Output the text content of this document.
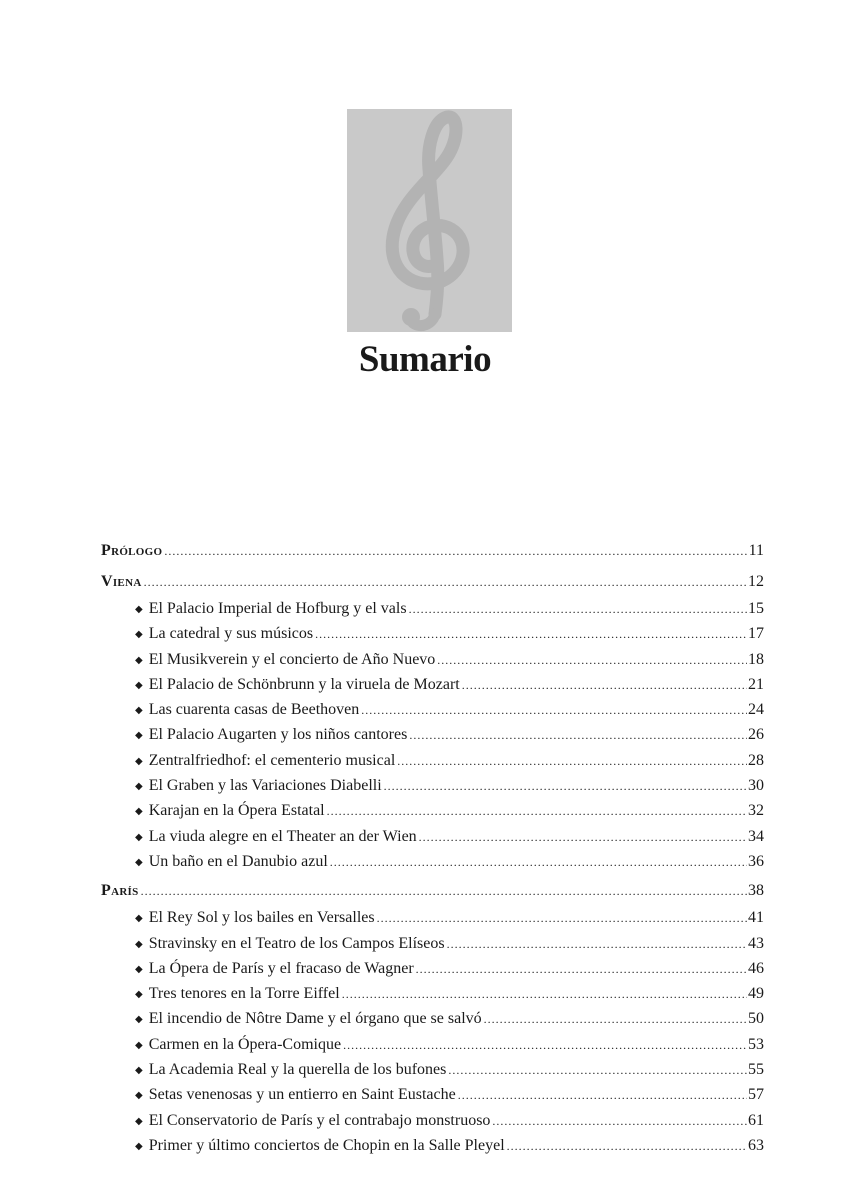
Sumario
Prólogo .....	11
Viena .....	12
◆ El Palacio Imperial de Hofburg y el vals .....	15
◆ La catedral y sus músicos .....	17
◆ El Musikverein y el concierto de Año Nuevo .....	18
◆ El Palacio de Schönbrunn y la viruela de Mozart .....	21
◆ Las cuarenta casas de Beethoven .....	24
◆ El Palacio Augarten y los niños cantores .....	26
◆ Zentralfriedhof: el cementerio musical .....	28
◆ El Graben y las Variaciones Diabelli .....	30
◆ Karajan en la Ópera Estatal .....	32
◆ La viuda alegre en el Theater an der Wien .....	34
◆ Un baño en el Danubio azul .....	36
París .....	38
◆ El Rey Sol y los bailes en Versalles .....	41
◆ Stravinsky en el Teatro de los Campos Elíseos .....	43
◆ La Ópera de París y el fracaso de Wagner .....	46
◆ Tres tenores en la Torre Eiffel .....	49
◆ El incendio de Nôtre Dame y el órgano que se salvó .....	50
◆ Carmen en la Ópera-Comique .....	53
◆ La Academia Real y la querella de los bufones .....	55
◆ Setas venenosas y un entierro en Saint Eustache .....	57
◆ El Conservatorio de París y el contrabajo monstruoso .....	61
◆ Primer y último conciertos de Chopin en la Salle Pleyel .....	63
